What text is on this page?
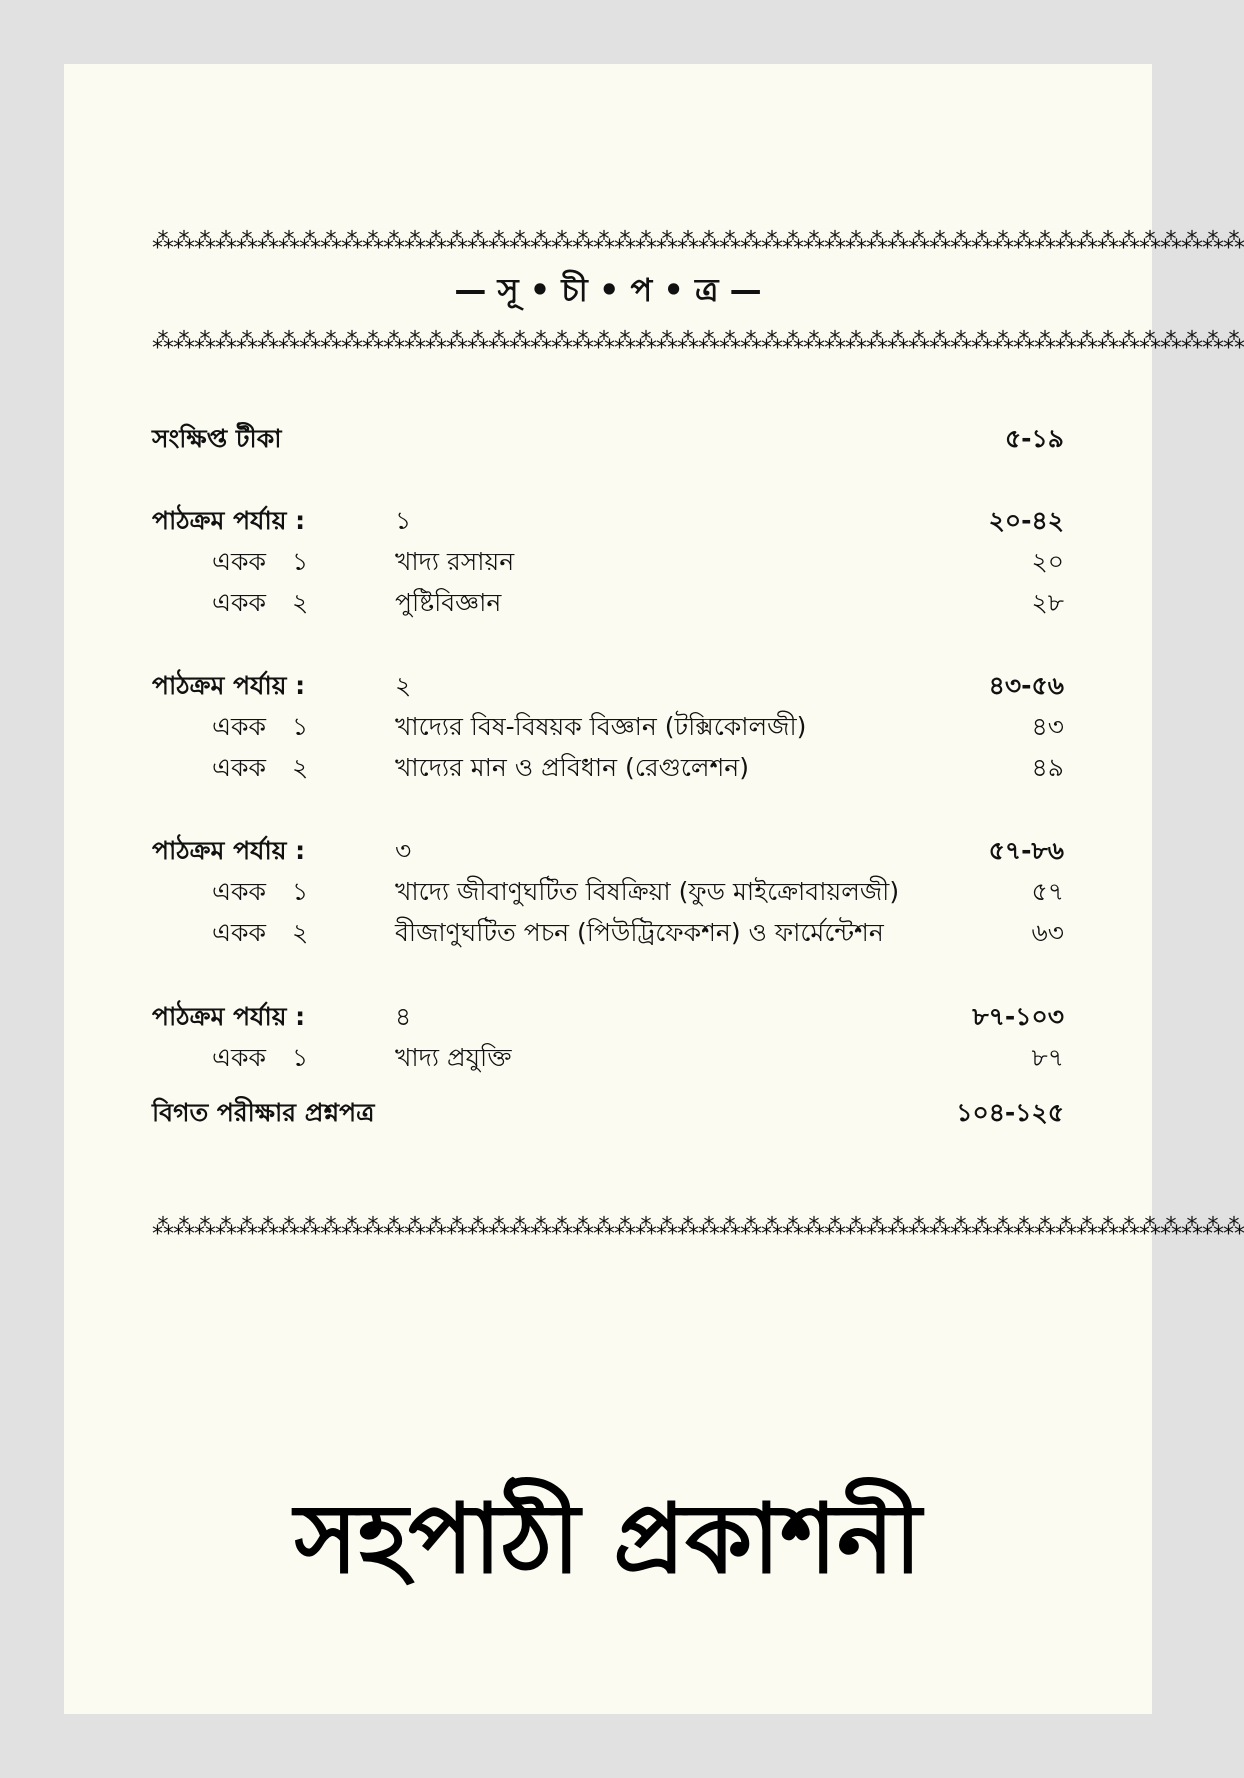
⁂⁂⁂⁂⁂⁂⁂⁂⁂⁂⁂⁂⁂⁂⁂⁂⁂⁂⁂⁂⁂⁂⁂⁂⁂⁂⁂⁂⁂⁂⁂⁂⁂⁂⁂⁂⁂⁂⁂⁂⁂⁂⁂⁂⁂⁂⁂⁂⁂⁂⁂⁂
— সূ • চী • প • ত্র —
⁂⁂⁂⁂⁂⁂⁂⁂⁂⁂⁂⁂⁂⁂⁂⁂⁂⁂⁂⁂⁂⁂⁂⁂⁂⁂⁂⁂⁂⁂⁂⁂⁂⁂⁂⁂⁂⁂⁂⁂⁂⁂⁂⁂⁂⁂⁂⁂⁂⁂⁂⁂
সংক্ষিপ্ত টীকা	৫-১৯
পাঠক্রম পর্যায় :	১	২০-৪২
একক ১	খাদ্য রসায়ন	২০
একক ২	পুষ্টিবিজ্ঞান	২৮
পাঠক্রম পর্যায় :	২	৪৩-৫৬
একক ১	খাদ্যের বিষ-বিষয়ক বিজ্ঞান (টক্সিকোলজী)	৪৩
একক ২	খাদ্যের মান ও প্রবিধান (রেগুলেশন)	৪৯
পাঠক্রম পর্যায় :	৩	৫৭-৮৬
একক ১	খাদ্যে জীবাণুঘটিত বিষক্রিয়া (ফুড মাইক্রোবায়লজী)	৫৭
একক ২	বীজাণুঘটিত পচন (পিউট্রিফেকশন) ও ফার্মেন্টেশন	৬৩
পাঠক্রম পর্যায় :	৪	৮৭-১০৩
একক ১	খাদ্য প্রযুক্তি	৮৭
বিগত পরীক্ষার প্রশ্নপত্র	১০৪-১২৫
⁂⁂⁂⁂⁂⁂⁂⁂⁂⁂⁂⁂⁂⁂⁂⁂⁂⁂⁂⁂⁂⁂⁂⁂⁂⁂⁂⁂⁂⁂⁂⁂⁂⁂⁂⁂⁂⁂⁂⁂⁂⁂⁂⁂⁂⁂⁂⁂⁂⁂⁂⁂
সহপাঠী প্রকাশনী
